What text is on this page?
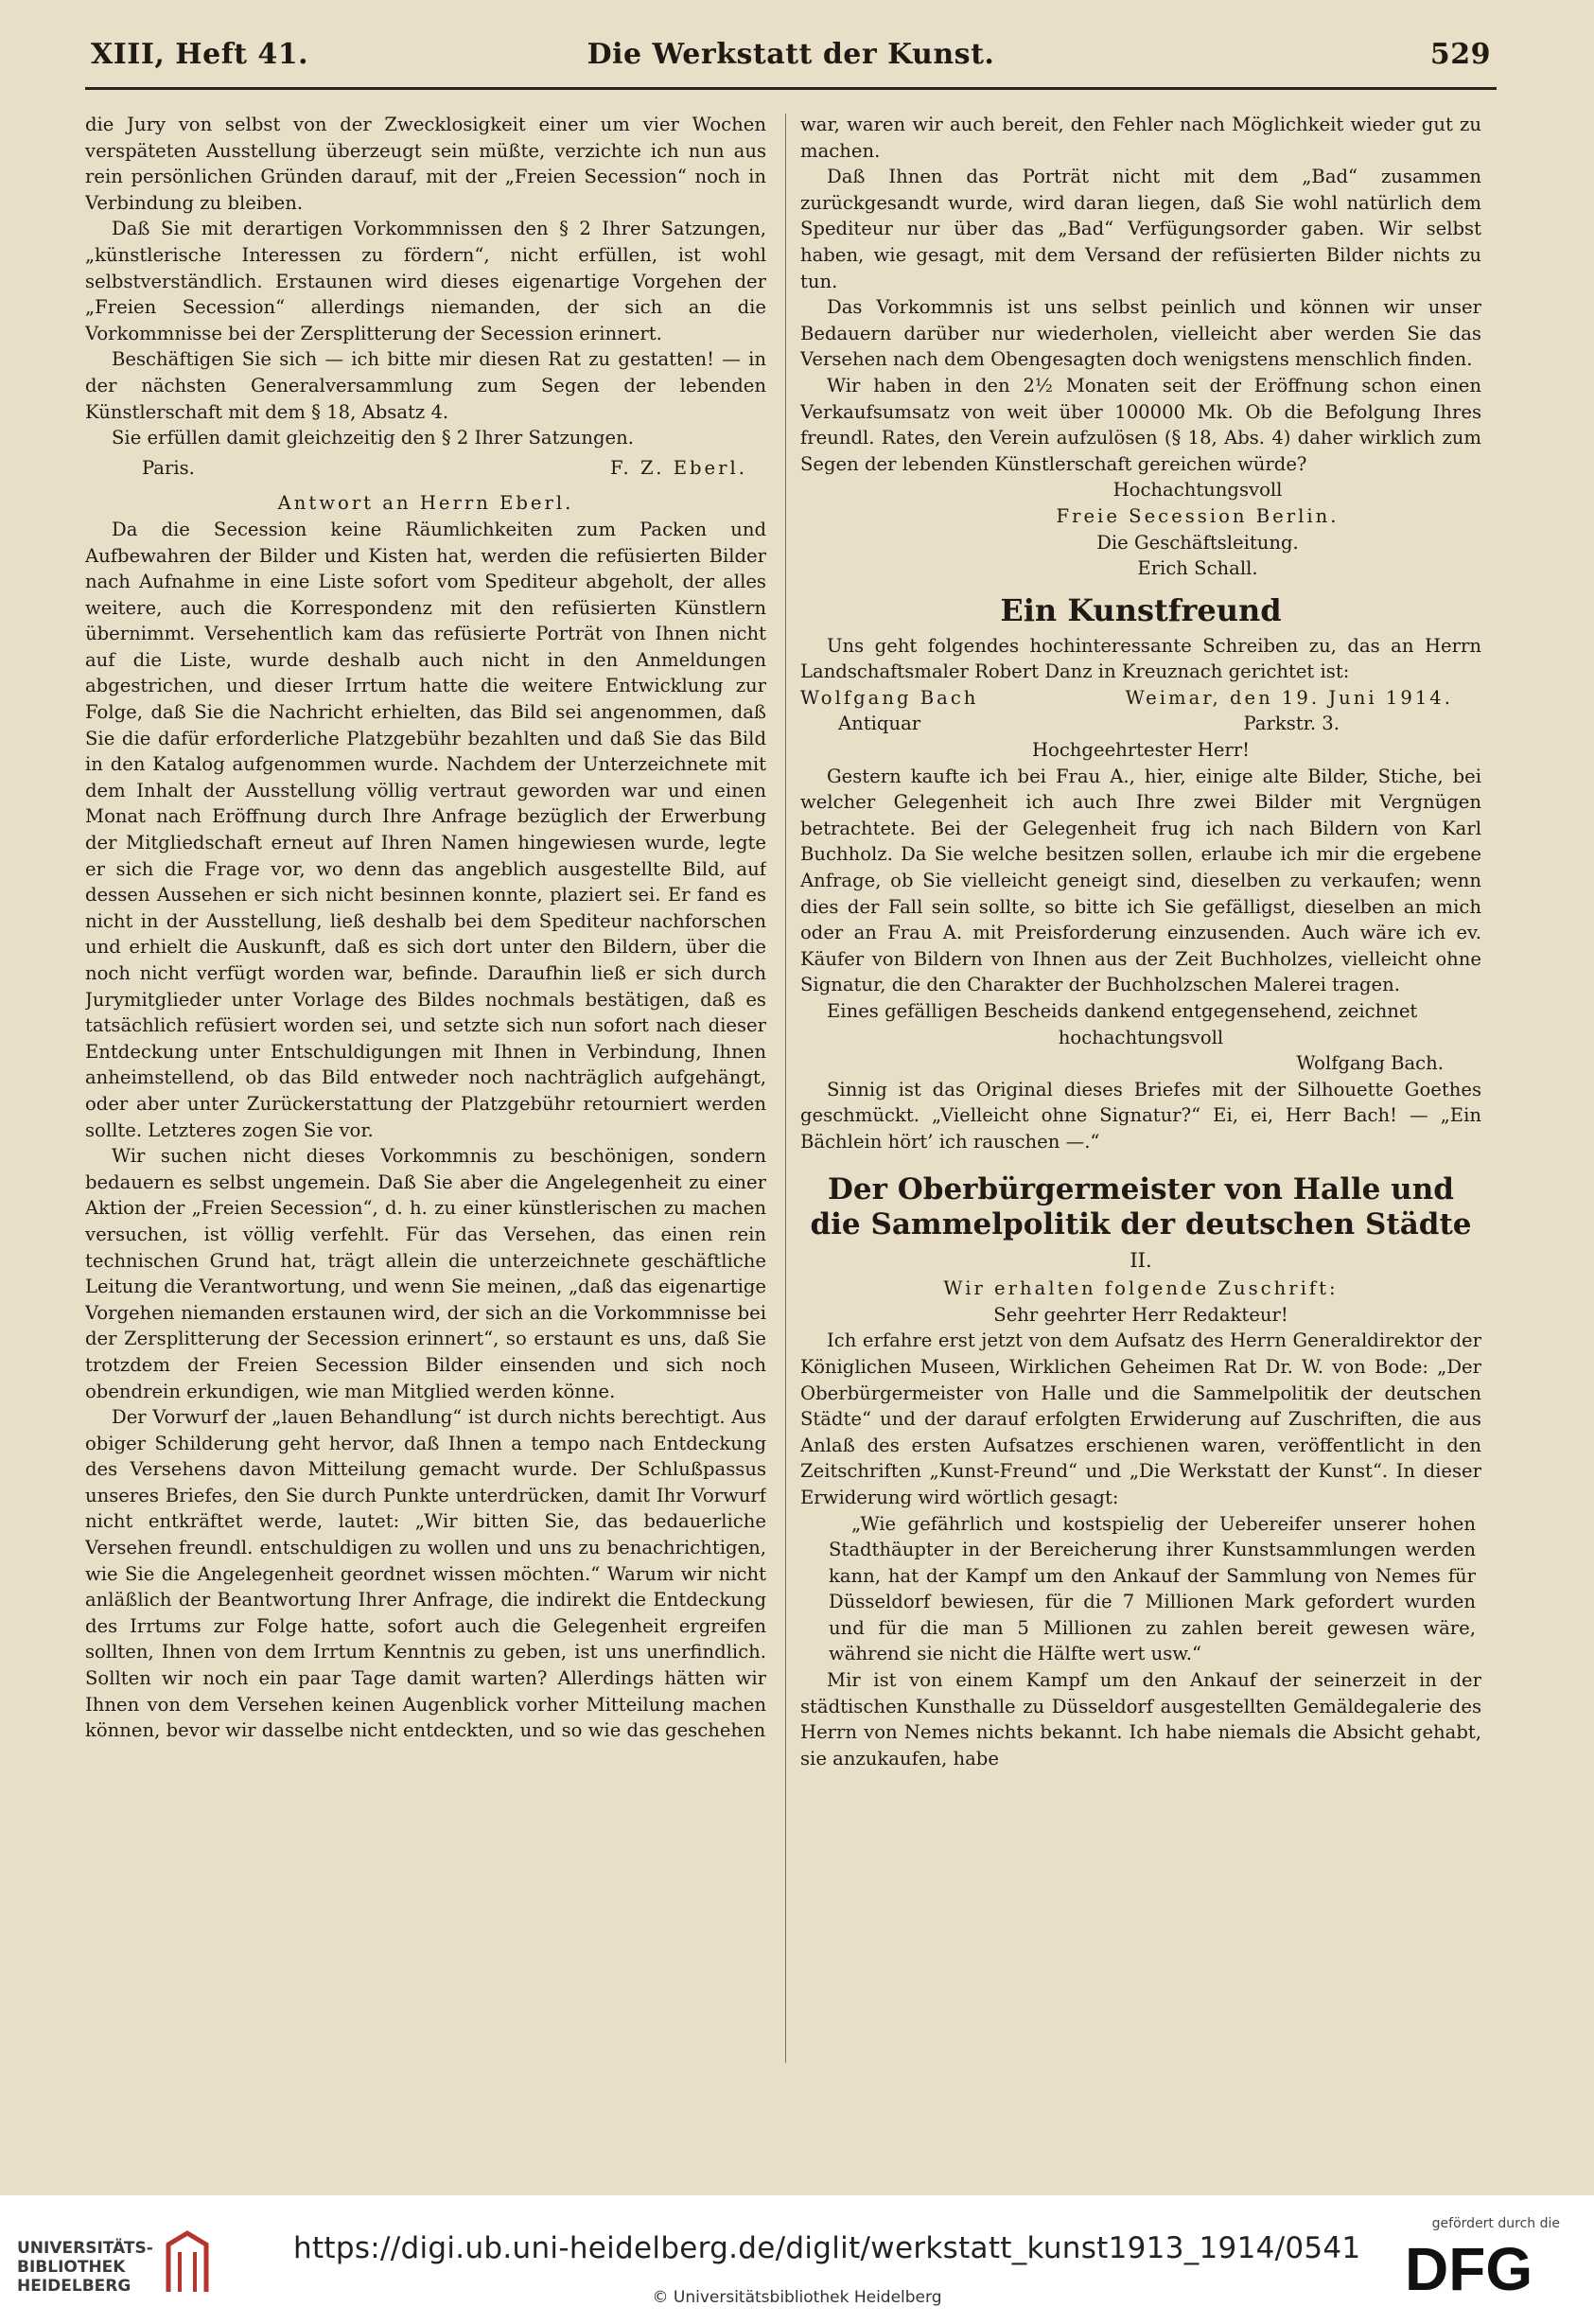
XIII, Heft 41.	Die Werkstatt der Kunst.	529

die Jury von selbst von der Zwecklosigkeit einer um vier Wochen verspäteten Ausstellung überzeugt sein müßte, verzichte ich nun aus rein persönlichen Gründen darauf, mit der „Freien Secession“ noch in Verbindung zu bleiben.

Daß Sie mit derartigen Vorkommnissen den § 2 Ihrer Satzungen, „künstlerische Interessen zu fördern“, nicht erfüllen, ist wohl selbstverständlich. Erstaunen wird dieses eigenartige Vorgehen der „Freien Secession“ allerdings niemanden, der sich an die Vorkommnisse bei der Zersplitterung der Secession erinnert.

Beschäftigen Sie sich — ich bitte mir diesen Rat zu gestatten! — in der nächsten Generalversammlung zum Segen der lebenden Künstlerschaft mit dem § 18, Absatz 4.

Sie erfüllen damit gleichzeitig den § 2 Ihrer Satzungen.

Paris.	F. Z. Eberl.

Antwort an Herrn Eberl.

Da die Secession keine Räumlichkeiten zum Packen und Aufbewahren der Bilder und Kisten hat, werden die refüsierten Bilder nach Aufnahme in eine Liste sofort vom Spediteur abgeholt, der alles weitere, auch die Korrespondenz mit den refüsierten Künstlern übernimmt. Versehentlich kam das refüsierte Porträt von Ihnen nicht auf die Liste, wurde deshalb auch nicht in den Anmeldungen abgestrichen, und dieser Irrtum hatte die weitere Entwicklung zur Folge, daß Sie die Nachricht erhielten, das Bild sei angenommen, daß Sie die dafür erforderliche Platzgebühr bezahlten und daß Sie das Bild in den Katalog aufgenommen wurde. Nachdem der Unterzeichnete mit dem Inhalt der Ausstellung völlig vertraut geworden war und einen Monat nach Eröffnung durch Ihre Anfrage bezüglich der Erwerbung der Mitgliedschaft erneut auf Ihren Namen hingewiesen wurde, legte er sich die Frage vor, wo denn das angeblich ausgestellte Bild, auf dessen Aussehen er sich nicht besinnen konnte, plaziert sei. Er fand es nicht in der Ausstellung, ließ deshalb bei dem Spediteur nachforschen und erhielt die Auskunft, daß es sich dort unter den Bildern, über die noch nicht verfügt worden war, befinde. Daraufhin ließ er sich durch Jurymitglieder unter Vorlage des Bildes nochmals bestätigen, daß es tatsächlich refüsiert worden sei, und setzte sich nun sofort nach dieser Entdeckung unter Entschuldigungen mit Ihnen in Verbindung, Ihnen anheimstellend, ob das Bild entweder noch nachträglich aufgehängt, oder aber unter Zurückerstattung der Platzgebühr retourniert werden sollte. Letzteres zogen Sie vor.

Wir suchen nicht dieses Vorkommnis zu beschönigen, sondern bedauern es selbst ungemein. Daß Sie aber die Angelegenheit zu einer Aktion der „Freien Secession“, d. h. zu einer künstlerischen zu machen versuchen, ist völlig verfehlt. Für das Versehen, das einen rein technischen Grund hat, trägt allein die unterzeichnete geschäftliche Leitung die Verantwortung, und wenn Sie meinen, „daß das eigenartige Vorgehen niemanden erstaunen wird, der sich an die Vorkommnisse bei der Zersplitterung der Secession erinnert“, so erstaunt es uns, daß Sie trotzdem der Freien Secession Bilder einsenden und sich noch obendrein erkundigen, wie man Mitglied werden könne.

Der Vorwurf der „lauen Behandlung“ ist durch nichts berechtigt. Aus obiger Schilderung geht hervor, daß Ihnen a tempo nach Entdeckung des Versehens davon Mitteilung gemacht wurde. Der Schlußpassus unseres Briefes, den Sie durch Punkte unterdrücken, damit Ihr Vorwurf nicht entkräftet werde, lautet: „Wir bitten Sie, das bedauerliche Versehen freundl. entschuldigen zu wollen und uns zu benachrichtigen, wie Sie die Angelegenheit geordnet wissen möchten.“ Warum wir nicht anläßlich der Beantwortung Ihrer Anfrage, die indirekt die Entdeckung des Irrtums zur Folge hatte, sofort auch die Gelegenheit ergreifen sollten, Ihnen von dem Irrtum Kenntnis zu geben, ist uns unerfindlich. Sollten wir noch ein paar Tage damit warten? Allerdings hätten wir Ihnen von dem Versehen keinen Augenblick vorher Mitteilung machen können, bevor wir dasselbe nicht entdeckten, und so wie das geschehen

war, waren wir auch bereit, den Fehler nach Möglichkeit wieder gut zu machen.

Daß Ihnen das Porträt nicht mit dem „Bad“ zusammen zurückgesandt wurde, wird daran liegen, daß Sie wohl natürlich dem Spediteur nur über das „Bad“ Verfügungsorder gaben. Wir selbst haben, wie gesagt, mit dem Versand der refüsierten Bilder nichts zu tun.

Das Vorkommnis ist uns selbst peinlich und können wir unser Bedauern darüber nur wiederholen, vielleicht aber werden Sie das Versehen nach dem Obengesagten doch wenigstens menschlich finden.

Wir haben in den 2½ Monaten seit der Eröffnung schon einen Verkaufsumsatz von weit über 100000 Mk. Ob die Befolgung Ihres freundl. Rates, den Verein aufzulösen (§ 18, Abs. 4) daher wirklich zum Segen der lebenden Künstlerschaft gereichen würde?

Hochachtungsvoll

Freie Secession Berlin.

Die Geschäftsleitung.

Erich Schall.

Ein Kunstfreund

Uns geht folgendes hochinteressante Schreiben zu, das an Herrn Landschaftsmaler Robert Danz in Kreuznach gerichtet ist:

Wolfgang Bach	Weimar, den 19. Juni 1914.
Antiquar	Parkstr. 3.

Hochgeehrtester Herr!

Gestern kaufte ich bei Frau A., hier, einige alte Bilder, Stiche, bei welcher Gelegenheit ich auch Ihre zwei Bilder mit Vergnügen betrachtete. Bei der Gelegenheit frug ich nach Bildern von Karl Buchholz. Da Sie welche besitzen sollen, erlaube ich mir die ergebene Anfrage, ob Sie vielleicht geneigt sind, dieselben zu verkaufen; wenn dies der Fall sein sollte, so bitte ich Sie gefälligst, dieselben an mich oder an Frau A. mit Preisforderung einzusenden. Auch wäre ich ev. Käufer von Bildern von Ihnen aus der Zeit Buchholzes, vielleicht ohne Signatur, die den Charakter der Buchholzschen Malerei tragen.

Eines gefälligen Bescheids dankend entgegensehend, zeichnet

hochachtungsvoll

Wolfgang Bach.

Sinnig ist das Original dieses Briefes mit der Silhouette Goethes geschmückt. „Vielleicht ohne Signatur?“ Ei, ei, Herr Bach! — „Ein Bächlein hört’ ich rauschen —.“

Der Oberbürgermeister von Halle und die Sammelpolitik der deutschen Städte
II.

Wir erhalten folgende Zuschrift:

Sehr geehrter Herr Redakteur!

Ich erfahre erst jetzt von dem Aufsatz des Herrn Generaldirektor der Königlichen Museen, Wirklichen Geheimen Rat Dr. W. von Bode: „Der Oberbürgermeister von Halle und die Sammelpolitik der deutschen Städte“ und der darauf erfolgten Erwiderung auf Zuschriften, die aus Anlaß des ersten Aufsatzes erschienen waren, veröffentlicht in den Zeitschriften „Kunst-Freund“ und „Die Werkstatt der Kunst“. In dieser Erwiderung wird wörtlich gesagt:

„Wie gefährlich und kostspielig der Uebereifer unserer hohen Stadthäupter in der Bereicherung ihrer Kunstsammlungen werden kann, hat der Kampf um den Ankauf der Sammlung von Nemes für Düsseldorf bewiesen, für die 7 Millionen Mark gefordert wurden und für die man 5 Millionen zu zahlen bereit gewesen wäre, während sie nicht die Hälfte wert usw.“

Mir ist von einem Kampf um den Ankauf der seinerzeit in der städtischen Kunsthalle zu Düsseldorf ausgestellten Gemäldegalerie des Herrn von Nemes nichts bekannt. Ich habe niemals die Absicht gehabt, sie anzukaufen, habe

UNIVERSITÄTS-
BIBLIOTHEK
HEIDELBERG
https://digi.ub.uni-heidelberg.de/diglit/werkstatt_kunst1913_1914/0541
© Universitätsbibliothek Heidelberg
gefördert durch die
DFG
